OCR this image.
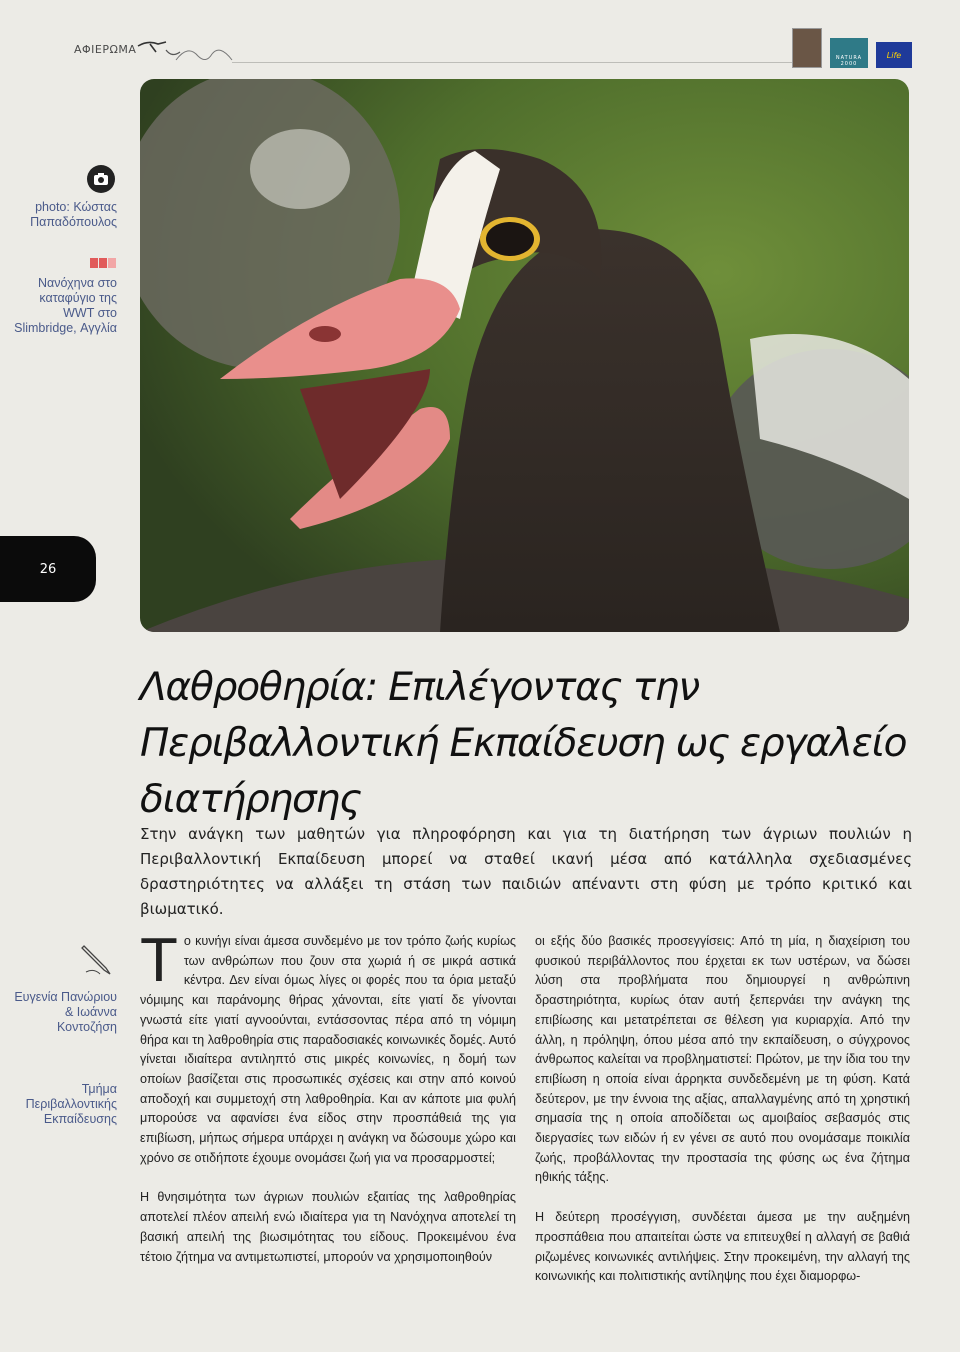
ΑΦΙΕΡΩΜΑ
NATURA 2000
Life
photo: Κώστας Παπαδόπουλος
Νανόχηνα στο καταφύγιο της WWT στο Slimbridge, Αγγλία
Ευγενία Πανώριου & Ιωάννα Κοντοζήση
Τμήμα Περιβαλλοντικής Εκπαίδευσης
26
Λαθροθηρία: Επιλέγοντας την Περιβαλλοντική Εκπαίδευση ως εργαλείο διατήρησης
Στην ανάγκη των μαθητών για πληροφόρηση και για τη διατήρηση των άγριων πουλιών η Περιβαλλοντική Εκπαίδευση μπορεί να σταθεί ικανή μέσα από κατάλληλα σχεδιασμένες δραστηριότητες να αλλάξει τη στάση των παιδιών απέναντι στη φύση με τρόπο κριτικό και βιωματικό.

Το κυνήγι είναι άμεσα συνδεμένο με τον τρόπο ζωής κυρίως των ανθρώπων που ζουν στα χωριά ή σε μικρά αστικά κέντρα. Δεν είναι όμως λίγες οι φορές που τα όρια μεταξύ νόμιμης και παράνομης θήρας χάνονται, είτε γιατί δε γίνονται γνωστά είτε γιατί αγνοούνται, εντάσσοντας πέρα από τη νόμιμη θήρα και τη λαθροθηρία στις παραδοσιακές κοινωνικές δομές. Αυτό γίνεται ιδιαίτερα αντιληπτό στις μικρές κοινωνίες, η δομή των οποίων βασίζεται στις προσωπικές σχέσεις και στην από κοινού αποδοχή και συμμετοχή στη λαθροθηρία. Και αν κάποτε μια φυλή μπορούσε να αφανίσει ένα είδος στην προσπάθειά της για επιβίωση, μήπως σήμερα υπάρχει η ανάγκη να δώσουμε χώρο και χρόνο σε οτιδήποτε έχουμε ονομάσει ζωή για να προσαρμοστεί;

Η θνησιμότητα των άγριων πουλιών εξαιτίας της λαθροθηρίας αποτελεί πλέον απειλή ενώ ιδιαίτερα για τη Νανόχηνα αποτελεί τη βασική απειλή της βιωσιμότητας του είδους. Προκειμένου ένα τέτοιο ζήτημα να αντιμετωπιστεί, μπορούν να χρησιμοποιηθούν

οι εξής δύο βασικές προσεγγίσεις: Από τη μία, η διαχείριση του φυσικού περιβάλλοντος που έρχεται εκ των υστέρων, να δώσει λύση στα προβλήματα που δημιουργεί η ανθρώπινη δραστηριότητα, κυρίως όταν αυτή ξεπερνάει την ανάγκη της επιβίωσης και μετατρέπεται σε θέλεση για κυριαρχία. Από την άλλη, η πρόληψη, όπου μέσα από την εκπαίδευση, ο σύγχρονος άνθρωπος καλείται να προβληματιστεί: Πρώτον, με την ίδια του την επιβίωση η οποία είναι άρρηκτα συνδεδεμένη με τη φύση. Κατά δεύτερον, με την έννοια της αξίας, απαλλαγμένης από τη χρηστική σημασία της η οποία αποδίδεται ως αμοιβαίος σεβασμός στις διεργασίες των ειδών ή εν γένει σε αυτό που ονομάσαμε ποικιλία ζωής, προβάλλοντας την προστασία της φύσης ως ένα ζήτημα ηθικής τάξης.

Η δεύτερη προσέγγιση, συνδέεται άμεσα με την αυξημένη προσπάθεια που απαιτείται ώστε να επιτευχθεί η αλλαγή σε βαθιά ριζωμένες κοινωνικές αντιλήψεις. Στην προκειμένη, την αλλαγή της κοινωνικής και πολιτιστικής αντίληψης που έχει διαμορφω-
